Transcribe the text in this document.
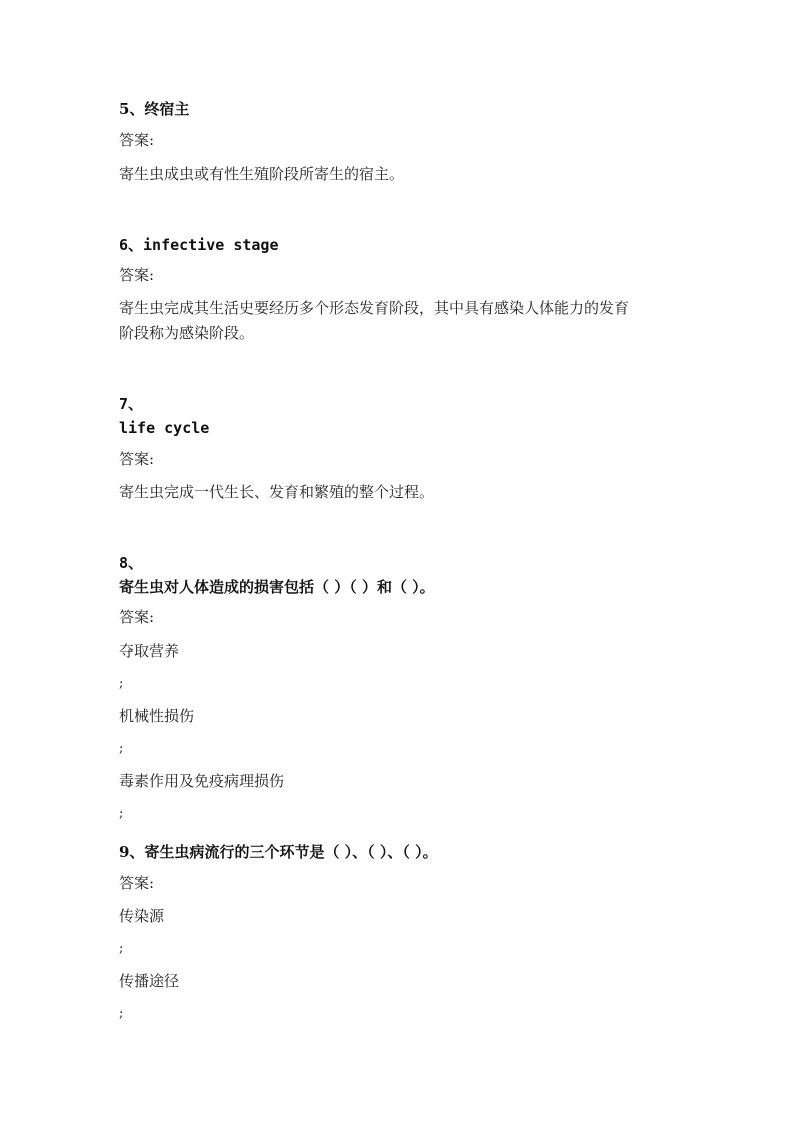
5、终宿主
答案:
寄生虫成虫或有性生殖阶段所寄生的宿主。
6、infective stage
答案:
寄生虫完成其生活史要经历多个形态发育阶段，其中具有感染人体能力的发育
阶段称为感染阶段。
7、
life cycle
答案:
寄生虫完成一代生长、发育和繁殖的整个过程。
8、
寄生虫对人体造成的损害包括（ ）（ ）和（ ）。
答案:
夺取营养
;
机械性损伤
;
毒素作用及免疫病理损伤
;
9、寄生虫病流行的三个环节是（ ）、（ ）、（ ）。
答案:
传染源
;
传播途径
;
